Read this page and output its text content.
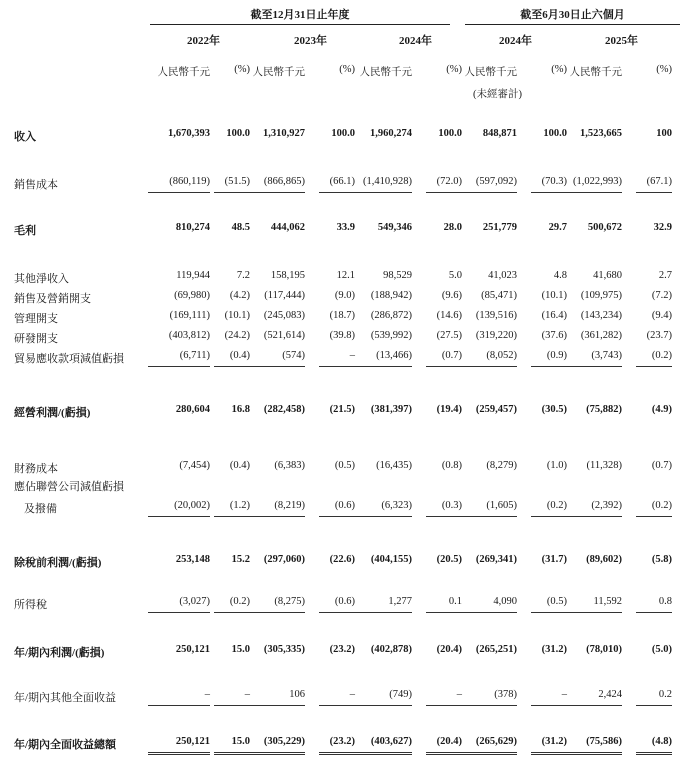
截至12月31日止年度	截至6月30日止六個月
2022年	2023年	2024年	2024年	2025年
人民幣千元 (%) 人民幣千元	(%) 人民幣千元	(%) 人民幣千元	(%) 人民幣千元	(%)
(未經審計)
收入	1,670,393 100.0 1,310,927	100.0 1,960,274	100.0 848,871	100.0 1,523,665	100
銷售成本	(860,119) (51.5) (866,865) (66.1) (1,410,928) (72.0) (597,092) (70.3) (1,022,993) (67.1)
毛利	810,274 48.5 444,062	33.9 549,346	28.0 251,779	29.7 500,672	32.9
其他淨收入	119,944	7.2 158,195	12.1	98,529	5.0 41,023	4.8 41,680	2.7
銷售及營銷開支	(69,980) (4.2) (117,444)	(9.0) (188,942)	(9.6) (85,471) (10.1) (109,975)	(7.2)
管理開支	(169,111) (10.1) (245,083) (18.7) (286,872) (14.6) (139,516) (16.4) (143,234)	(9.4)
研發開支	(403,812) (24.2) (521,614) (39.8) (539,992) (27.5) (319,220) (37.6) (361,282) (23.7)
貿易應收款項減值虧損	(6,711) (0.4)	(574)	– (13,466)	(0.7) (8,052)	(0.9) (3,743)	(0.2)
經營利潤/(虧損)	280,604 16.8 (282,458) (21.5) (381,397) (19.4) (259,457) (30.5) (75,882)	(4.9)
財務成本	(7,454) (0.4) (6,383)	(0.5) (16,435)	(0.8) (8,279)	(1.0) (11,328)	(0.7)
應佔聯營公司減值虧損
及撥備	(20,002) (1.2) (8,219)	(0.6)	(6,323)	(0.3) (1,605)	(0.2) (2,392)	(0.2)
除稅前利潤/(虧損)	253,148 15.2 (297,060) (22.6) (404,155) (20.5) (269,341) (31.7) (89,602)	(5.8)
所得稅	(3,027) (0.2) (8,275)	(0.6)	1,277	0.1	4,090	(0.5)	11,592	0.8
年/期內利潤/(虧損)	250,121 15.0 (305,335) (23.2) (402,878) (20.4) (265,251) (31.2) (78,010)	(5.0)
年/期內其他全面收益	–	–	106	–	(749)	–	(378)	–	2,424	0.2
年/期內全面收益總額	250,121 15.0 (305,229) (23.2) (403,627) (20.4) (265,629) (31.2) (75,586)	(4.8)
